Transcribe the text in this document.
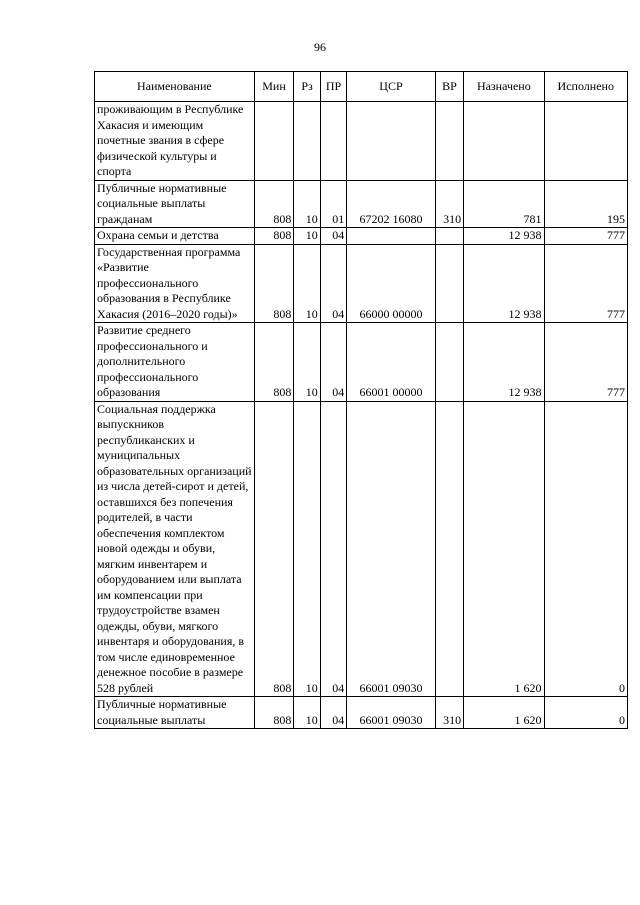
96
Наименование	Мин	Рз	ПР	ЦСР	ВР	Назначено	Исполнено
проживающим в Республике Хакасия и имеющим почетные звания в сфере физической культуры и спорта							
Публичные нормативные социальные выплаты гражданам	808	10	01	67202 16080	310	781	195
Охрана семьи и детства	808	10	04			12 938	777
Государственная программа «Развитие профессионального образования в Республике Хакасия (2016–2020 годы)»	808	10	04	66000 00000		12 938	777
Развитие среднего профессионального и дополнительного профессионального образования	808	10	04	66001 00000		12 938	777
Социальная поддержка выпускников республиканских и муниципальных образовательных организаций из числа детей-сирот и детей, оставшихся без попечения родителей, в части обеспечения комплектом новой одежды и обуви, мягким инвентарем и оборудованием или выплата им компенсации при трудоустройстве взамен одежды, обуви, мягкого инвентаря и оборудования, в том числе единовременное денежное пособие в размере 528 рублей	808	10	04	66001 09030		1 620	0
Публичные нормативные социальные выплаты	808	10	04	66001 09030	310	1 620	0
